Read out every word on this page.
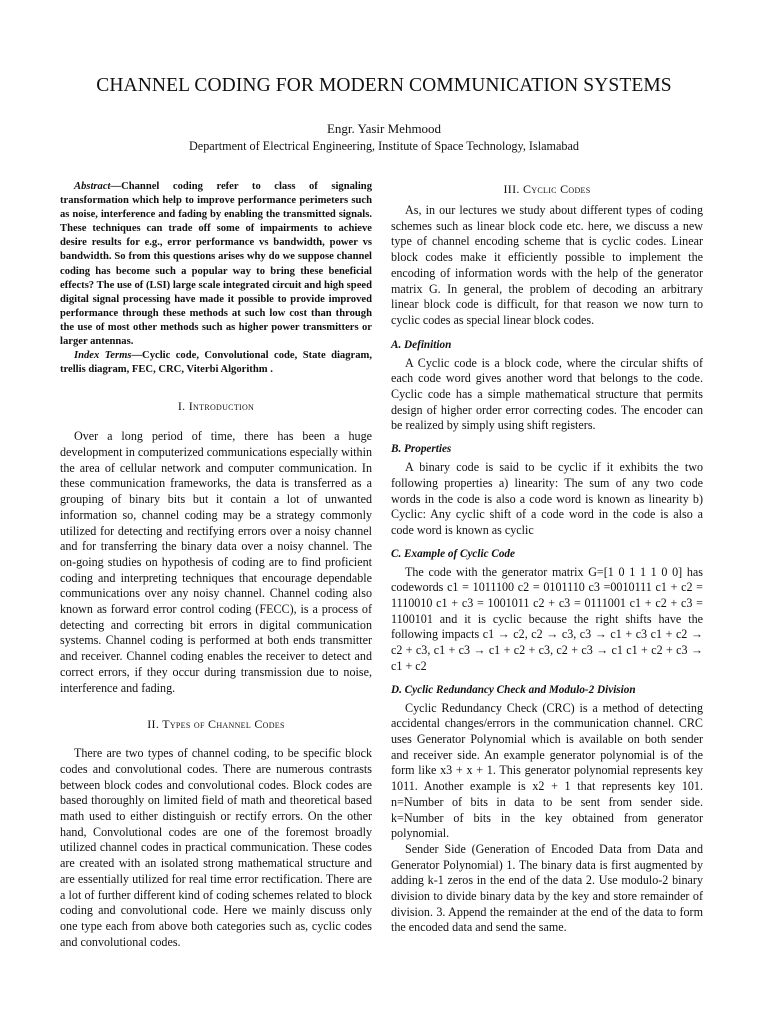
CHANNEL CODING FOR MODERN COMMUNICATION SYSTEMS

Engr. Yasir Mehmood

Department of Electrical Engineering, Institute of Space Technology, Islamabad

Abstract—Channel coding refer to class of signaling transformation which help to improve performance perimeters such as noise, interference and fading by enabling the transmitted signals. These techniques can trade off some of impairments to achieve desire results for e.g., error performance vs bandwidth, power vs bandwidth. So from this questions arises why do we suppose channel coding has become such a popular way to bring these beneficial effects? The use of (LSI) large scale integrated circuit and high speed digital signal processing have made it possible to provide improved performance through these methods at such low cost than through the use of most other methods such as higher power transmitters or larger antennas.

Index Terms—Cyclic code, Convolutional code, State diagram, trellis diagram, FEC, CRC, Viterbi Algorithm .

I. Introduction

Over a long period of time, there has been a huge development in computerized communications especially within the area of cellular network and computer communication. In these communication frameworks, the data is transferred as a grouping of binary bits but it contain a lot of unwanted information so, channel coding may be a strategy commonly utilized for detecting and rectifying errors over a noisy channel and for transferring the binary data over a noisy channel. The on-going studies on hypothesis of coding are to find proficient coding and interpreting techniques that encourage dependable communications over any noisy channel. Channel coding also known as forward error control coding (FECC), is a process of detecting and correcting bit errors in digital communication systems. Channel coding is performed at both ends transmitter and receiver. Channel coding enables the receiver to detect and correct errors, if they occur during transmission due to noise, interference and fading.

II. Types of Channel Codes

There are two types of channel coding, to be specific block codes and convolutional codes. There are numerous contrasts between block codes and convolutional codes. Block codes are based thoroughly on limited field of math and theoretical based math used to either distinguish or rectify errors. On the other hand, Convolutional codes are one of the foremost broadly utilized channel codes in practical communication. These codes are created with an isolated strong mathematical structure and are essentially utilized for real time error rectification. There are a lot of further different kind of coding schemes related to block coding and convolutional code. Here we mainly discuss only one type each from above both categories such as, cyclic codes and convolutional codes.

III. Cyclic Codes

As, in our lectures we study about different types of coding schemes such as linear block code etc. here, we discuss a new type of channel encoding scheme that is cyclic codes. Linear block codes make it efficiently possible to implement the encoding of information words with the help of the generator matrix G. In general, the problem of decoding an arbitrary linear block code is difficult, for that reason we now turn to cyclic codes as special linear block codes.

A. Definition

A Cyclic code is a block code, where the circular shifts of each code word gives another word that belongs to the code. Cyclic code has a simple mathematical structure that permits design of higher order error correcting codes. The encoder can be realized by simply using shift registers.

B. Properties

A binary code is said to be cyclic if it exhibits the two following properties a) linearity: The sum of any two code words in the code is also a code word is known as linearity b) Cyclic: Any cyclic shift of a code word in the code is also a code word is known as cyclic

C. Example of Cyclic Code

The code with the generator matrix G=[1 0 1 1 1 0 0] has codewords c1 = 1011100 c2 = 0101110 c3 =0010111 c1 + c2 = 1110010 c1 + c3 = 1001011 c2 + c3 = 0111001 c1 + c2 + c3 = 1100101 and it is cyclic because the right shifts have the following impacts c1 → c2, c2 → c3, c3 → c1 + c3 c1 + c2 → c2 + c3, c1 + c3 → c1 + c2 + c3, c2 + c3 → c1 c1 + c2 + c3 → c1 + c2

D. Cyclic Redundancy Check and Modulo-2 Division

Cyclic Redundancy Check (CRC) is a method of detecting accidental changes/errors in the communication channel. CRC uses Generator Polynomial which is available on both sender and receiver side. An example generator polynomial is of the form like x3 + x + 1. This generator polynomial represents key 1011. Another example is x2 + 1 that represents key 101. n=Number of bits in data to be sent from sender side. k=Number of bits in the key obtained from generator polynomial.

Sender Side (Generation of Encoded Data from Data and Generator Polynomial) 1. The binary data is first augmented by adding k-1 zeros in the end of the data 2. Use modulo-2 binary division to divide binary data by the key and store remainder of division. 3. Append the remainder at the end of the data to form the encoded data and send the same.
